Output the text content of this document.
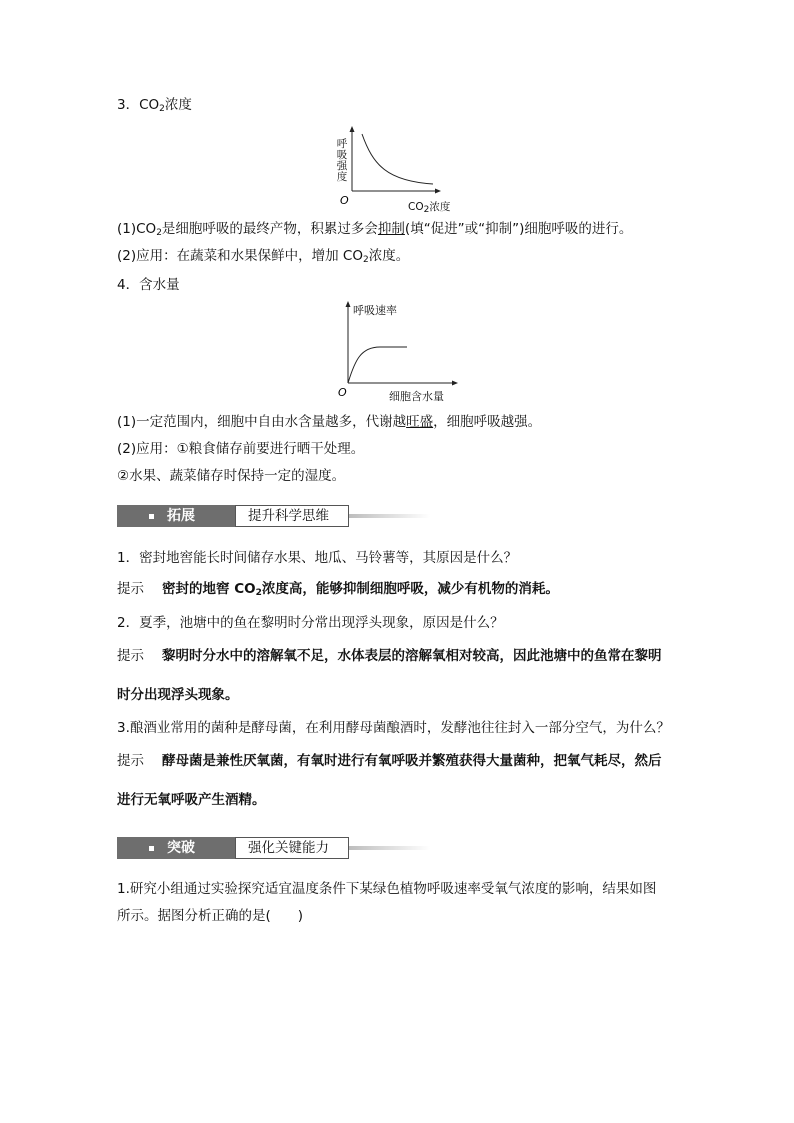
3．$CO_2$浓度
O
呼吸强度
$CO_2$浓度
$(1)CO_2$是细胞呼吸的最终产物，积累过多会抑制(填“促进”或“抑制”)细胞呼吸的进行。
(2)应用：在蔬菜和水果保鲜中，增加 $CO_2$浓度。
4．含水量
O
呼吸速率
细胞含水量
(1)一定范围内，细胞中自由水含量越多，代谢越旺盛，细胞呼吸越强。
(2)应用：①粮食储存前要进行晒干处理。
②水果、蔬菜储存时保持一定的湿度。
拓展	提升科学思维
1．密封地窖能长时间储存水果、地瓜、马铃薯等，其原因是什么？
提示 密封的地窖 $CO_2$浓度高，能够抑制细胞呼吸，减少有机物的消耗。
2．夏季，池塘中的鱼在黎明时分常出现浮头现象，原因是什么？
提示 黎明时分水中的溶解氧不足，水体表层的溶解氧相对较高，因此池塘中的鱼常在黎明
时分出现浮头现象。
3.酿酒业常用的菌种是酵母菌，在利用酵母菌酿酒时，发酵池往往封入一部分空气，为什么？
提示 酵母菌是兼性厌氧菌，有氧时进行有氧呼吸并繁殖获得大量菌种，把氧气耗尽，然后
进行无氧呼吸产生酒精。
突破	强化关键能力
1.研究小组通过实验探究适宜温度条件下某绿色植物呼吸速率受氧气浓度的影响，结果如图
所示。据图分析正确的是(　　)
